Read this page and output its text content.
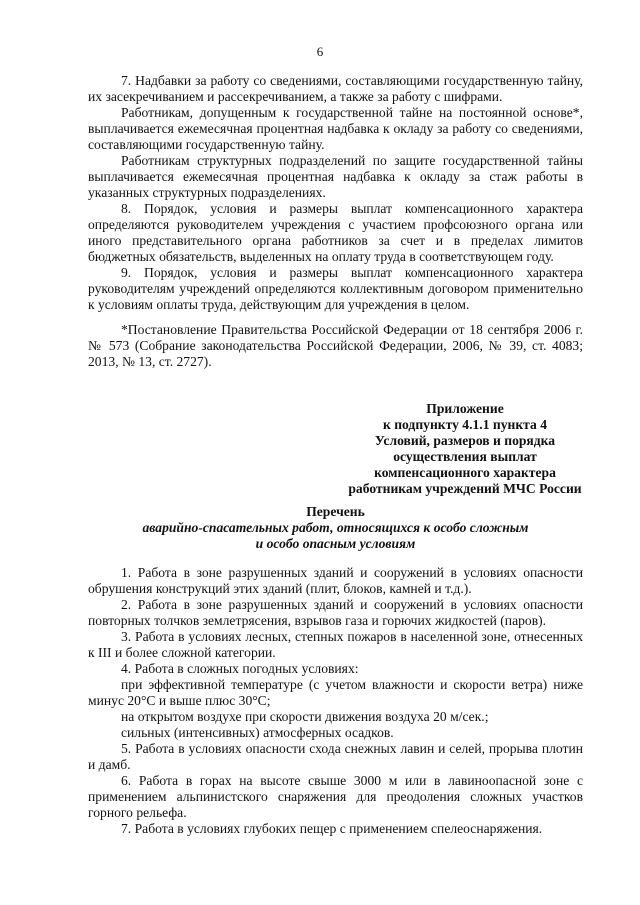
6

7. Надбавки за работу со сведениями, составляющими государственную тайну, их засекречиванием и рассекречиванием, а также за работу с шифрами.

Работникам, допущенным к государственной тайне на постоянной основе*, выплачивается ежемесячная процентная надбавка к окладу за работу со сведениями, составляющими государственную тайну.

Работникам структурных подразделений по защите государственной тайны выплачивается ежемесячная процентная надбавка к окладу за стаж работы в указанных структурных подразделениях.

8. Порядок, условия и размеры выплат компенсационного характера определяются руководителем учреждения с участием профсоюзного органа или иного представительного органа работников за счет и в пределах лимитов бюджетных обязательств, выделенных на оплату труда в соответствующем году.

9. Порядок, условия и размеры выплат компенсационного характера руководителям учреждений определяются коллективным договором применительно к условиям оплаты труда, действующим для учреждения в целом.

*Постановление Правительства Российской Федерации от 18 сентября 2006 г. № 573 (Собрание законодательства Российской Федерации, 2006, № 39, ст. 4083; 2013, № 13, ст. 2727).

Приложение
к подпункту 4.1.1 пункта 4
Условий, размеров и порядка
осуществления выплат
компенсационного характера
работникам учреждений МЧС России
Перечень
аварийно-спасательных работ, относящихся к особо сложным
и особо опасным условиям

1. Работа в зоне разрушенных зданий и сооружений в условиях опасности обрушения конструкций этих зданий (плит, блоков, камней и т.д.).

2. Работа в зоне разрушенных зданий и сооружений в условиях опасности повторных толчков землетрясения, взрывов газа и горючих жидкостей (паров).

3. Работа в условиях лесных, степных пожаров в населенной зоне, отнесенных к III и более сложной категории.

4. Работа в сложных погодных условиях:

при эффективной температуре (с учетом влажности и скорости ветра) ниже минус 20°С и выше плюс 30°С;

на открытом воздухе при скорости движения воздуха 20 м/сек.;

сильных (интенсивных) атмосферных осадков.

5. Работа в условиях опасности схода снежных лавин и селей, прорыва плотин и дамб.

6. Работа в горах на высоте свыше 3000 м или в лавиноопасной зоне с применением альпинистского снаряжения для преодоления сложных участков горного рельефа.

7. Работа в условиях глубоких пещер с применением спелеоснаряжения.
